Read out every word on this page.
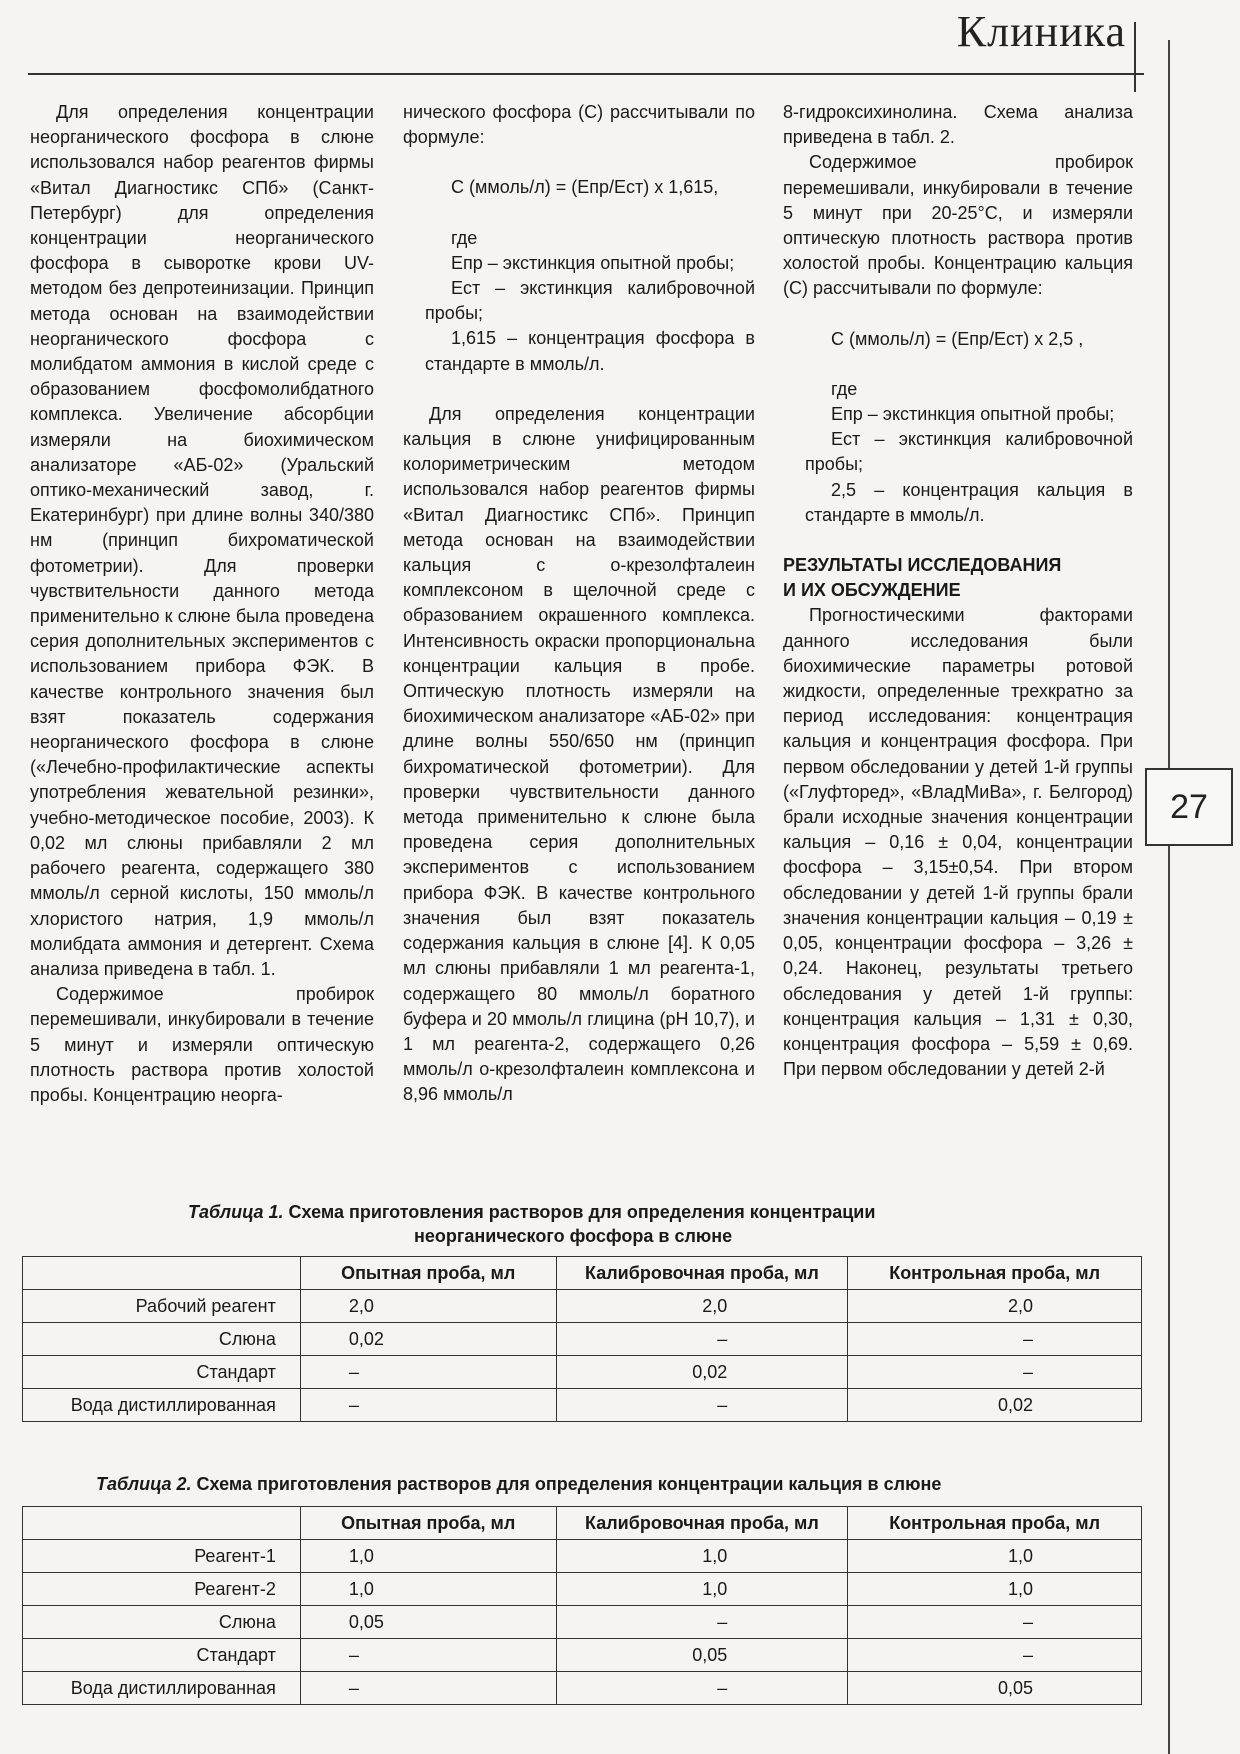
Клиника
27

Для определения концентрации неорганического фосфора в слюне использовался набор реагентов фирмы «Витал Диагностикс СПб» (Санкт-Петербург) для определения концентрации неорганического фосфора в сыворотке крови UV-методом без депротеинизации. Принцип метода основан на взаимодействии неорганического фосфора с молибдатом аммония в кислой среде с образованием фосфомолибдатного комплекса. Увеличение абсорбции измеряли на биохимическом анализаторе «АБ-02» (Уральский оптико-механический завод, г. Екатеринбург) при длине волны 340/380 нм (принцип бихроматической фотометрии). Для проверки чувствительности данного метода применительно к слюне была проведена серия дополнительных экспериментов с использованием прибора ФЭК. В качестве контрольного значения был взят показатель содержания неорганического фосфора в слюне («Лечебно-профилактические аспекты употребления жевательной резинки», учебно-методическое пособие, 2003). К 0,02 мл слюны прибавляли 2 мл рабочего реагента, содержащего 380 ммоль/л серной кислоты, 150 ммоль/л хлористого натрия, 1,9 ммоль/л молибдата аммония и детергент. Схема анализа приведена в табл. 1.

Содержимое пробирок перемешивали, инкубировали в течение 5 минут и измеряли оптическую плотность раствора против холостой пробы. Концентрацию неорга-

нического фосфора (С) рассчитывали по формуле:

С (ммоль/л) = (Eпр/Eст) x 1,615,

где

Eпр – экстинкция опытной пробы;

Eст – экстинкция калибровочной пробы;

1,615 – концентрация фосфора в стандарте в ммоль/л.

Для определения концентрации кальция в слюне унифицированным колориметрическим методом использовался набор реагентов фирмы «Витал Диагностикс СПб». Принцип метода основан на взаимодействии кальция с о-крезолфталеин комплексоном в щелочной среде с образованием окрашенного комплекса. Интенсивность окраски пропорциональна концентрации кальция в пробе. Оптическую плотность измеряли на биохимическом анализаторе «АБ-02» при длине волны 550/650 нм (принцип бихроматической фотометрии). Для проверки чувствительности данного метода применительно к слюне была проведена серия дополнительных экспериментов с использованием прибора ФЭК. В качестве контрольного значения был взят показатель содержания кальция в слюне [4]. К 0,05 мл слюны прибавляли 1 мл реагента-1, содержащего 80 ммоль/л боратного буфера и 20 ммоль/л глицина (pH 10,7), и 1 мл реагента-2, содержащего 0,26 ммоль/л о-крезолфталеин комплексона и 8,96 ммоль/л

8-гидроксихинолина. Схема анализа приведена в табл. 2.

Содержимое пробирок перемешивали, инкубировали в течение 5 минут при 20-25°С, и измеряли оптическую плотность раствора против холостой пробы. Концентрацию кальция (С) рассчитывали по формуле:

С (ммоль/л) = (Eпр/Eст) x 2,5 ,

где

Eпр – экстинкция опытной пробы;

Eст – экстинкция калибровочной пробы;

2,5 – концентрация кальция в стандарте в ммоль/л.

РЕЗУЛЬТАТЫ ИССЛЕДОВАНИЯ
И ИХ ОБСУЖДЕНИЕ

Прогностическими факторами данного исследования были биохимические параметры ротовой жидкости, определенные трехкратно за период исследования: концентрация кальция и концентрация фосфора. При первом обследовании у детей 1-й группы («Глуфторед», «ВладМиВа», г. Белгород) брали исходные значения концентрации кальция – 0,16 ± 0,04, концентрации фосфора – 3,15±0,54. При втором обследовании у детей 1-й группы брали значения концентрации кальция – 0,19 ± 0,05, концентрации фосфора – 3,26 ± 0,24. Наконец, результаты третьего обследования у детей 1-й группы: концентрация кальция – 1,31 ± 0,30, концентрация фосфора – 5,59 ± 0,69. При первом обследовании у детей 2-й

Таблица 1. Схема приготовления растворов для определения концентрации
неорганического фосфора в слюне
	Опытная проба, мл	Калибровочная проба, мл	Контрольная проба, мл
Рабочий реагент	2,0	2,0	2,0
Слюна	0,02	–	–
Стандарт	–	0,02	–
Вода дистиллированная	–	–	0,02
Таблица 2. Схема приготовления растворов для определения концентрации кальция в слюне
	Опытная проба, мл	Калибровочная проба, мл	Контрольная проба, мл
Реагент-1	1,0	1,0	1,0
Реагент-2	1,0	1,0	1,0
Слюна	0,05	–	–
Стандарт	–	0,05	–
Вода дистиллированная	–	–	0,05
